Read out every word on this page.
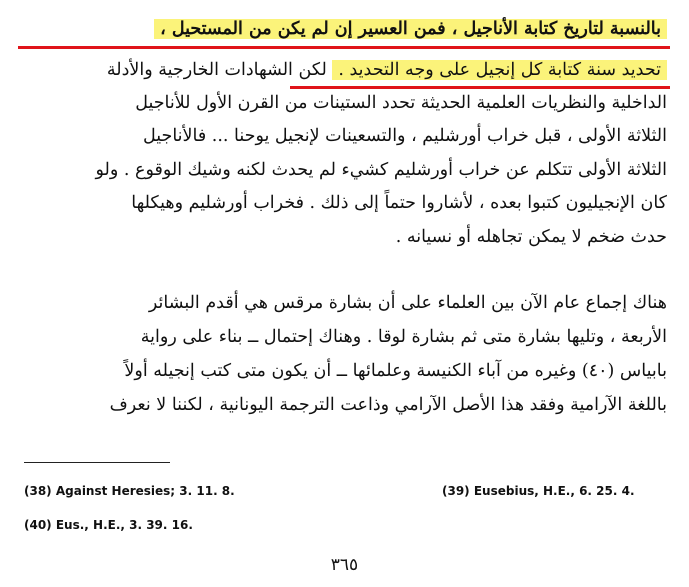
بالنسبة لتاريخ كتابة الأناجيل ، فمن العسير إن لم يكن من المستحيل ،
تحديد سنة كتابة كل إنجيل على وجه التحديد . لكن الشهادات الخارجية والأدلة
الداخلية والنظريات العلمية الحديثة تحدد الستينات من القرن الأول للأناجيل
الثلاثة الأولى ، قبل خراب أورشليم ، والتسعينات لإنجيل يوحنا ... فالأناجيل
الثلاثة الأولى تتكلم عن خراب أورشليم كشيء لم يحدث لكنه وشيك الوقوع . ولو
كان الإنجيليون كتبوا بعده ، لأشاروا حتماً إلى ذلك . فخراب أورشليم وهيكلها
حدث ضخم لا يمكن تجاهله أو نسيانه .
هناك إجماع عام الآن بين العلماء على أن بشارة مرقس هي أقدم البشائر
الأربعة ، وتليها بشارة متى ثم بشارة لوقا . وهناك إحتمال ــ بناء على رواية
بابياس (٤٠) وغيره من آباء الكنيسة وعلمائها ــ أن يكون متى كتب إنجيله أولاً
باللغة الآرامية وفقد هذا الأصل الآرامي وذاعت الترجمة اليونانية ، لكننا لا نعرف
(38) Against Heresies; 3. 11. 8.	(39) Eusebius, H.E., 6. 25. 4.
(40) Eus., H.E., 3. 39. 16.
٣٦٥
